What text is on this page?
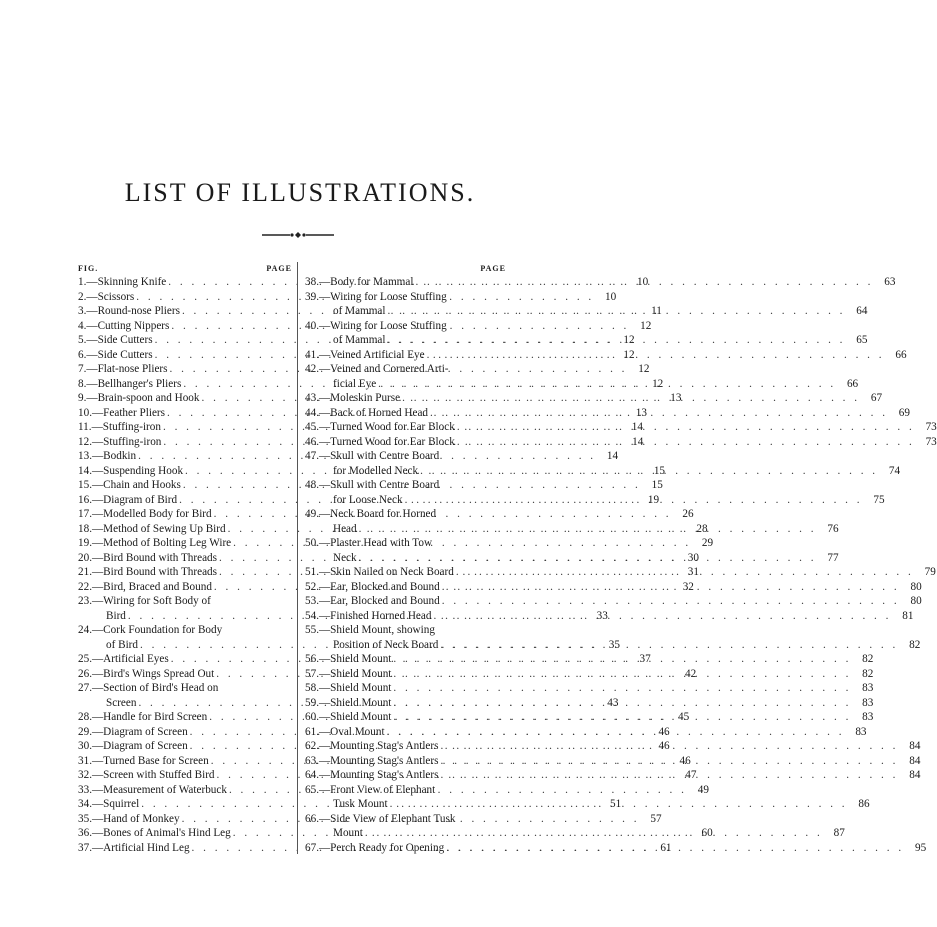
LIST OF ILLUSTRATIONS.
FIG.	PAGE
1.—Skinning Knife . . .	10
2.—Scissors . . .	10
3.—Round-nose Pliers . . .	11
4.—Cutting Nippers . . .	12
5.—Side Cutters . . .	12
6.—Side Cutters . . .	12
7.—Flat-nose Pliers . . .	12
8.—Bellhanger's Pliers . . .	12
9.—Brain-spoon and Hook . . .	13
10.—Feather Pliers . . .	13
11.—Stuffing-iron . . .	14
12.—Stuffing-iron . . .	14
13.—Bodkin . . .	14
14.—Suspending Hook . . .	15
15.—Chain and Hooks . . .	15
16.—Diagram of Bird . . .	19
17.—Modelled Body for Bird . . .	26
18.—Method of Sewing Up Bird . . .	28
19.—Method of Bolting Leg Wire . . .	29
20.—Bird Bound with Threads . . .	30
21.—Bird Bound with Threads . . .	31
22.—Bird, Braced and Bound . . .	32
23.—Wiring for Soft Body of
Bird . . .	33
24.—Cork Foundation for Body
of Bird . . .	35
25.—Artificial Eyes . . .	37
26.—Bird's Wings Spread Out . . .	42
27.—Section of Bird's Head on
Screen . . .	43
28.—Handle for Bird Screen . . .	45
29.—Diagram of Screen . . .	46
30.—Diagram of Screen . . .	46
31.—Turned Base for Screen . . .	46
32.—Screen with Stuffed Bird . . .	47
33.—Measurement of Waterbuck . . .	49
34.—Squirrel . . .	51
35.—Hand of Monkey . . .	57
36.—Bones of Animal's Hind Leg . . .	60
37.—Artificial Hind Leg . . .	61
PAGE
38.—Body for Mammal . . .	63
39.—Wiring for Loose Stuffing
of Mammal . . .	64
40.—Wiring for Loose Stuffing
of Mammal . . .	65
41.—Veined Artificial Eye . . .	66
42.—Veined and Cornered Arti-
ficial Eye . . .	66
43.—Moleskin Purse . . .	67
44.—Back of Horned Head . . .	69
45.—Turned Wood for Ear Block . . .	73
46.—Turned Wood for Ear Block . . .	73
47.—Skull with Centre Board
for Modelled Neck . . .	74
48.—Skull with Centre Board
for Loose Neck . . .	75
49.—Neck Board for Horned
Head . . .	76
50.—Plaster Head with Tow
Neck . . .	77
51.—Skin Nailed on Neck Board . . .	79
52.—Ear, Blocked and Bound . . .	80
53.—Ear, Blocked and Bound . . .	80
54.—Finished Horned Head . . .	81
55.—Shield Mount, showing
Position of Neck Board . . .	82
56.—Shield Mount . . .	82
57.—Shield Mount . . .	82
58.—Shield Mount . . .	83
59.—Shield Mount . . .	83
60.—Shield Mount . . .	83
61.—Oval Mount . . .	83
62.—Mounting Stag's Antlers . . .	84
63.—Mounting Stag's Antlers . . .	84
64.—Mounting Stag's Antlers . . .	84
65.—Front View of Elephant
Tusk Mount . . .	86
66.—Side View of Elephant Tusk
Mount . . .	87
67.—Perch Ready for Opening . . .	95
